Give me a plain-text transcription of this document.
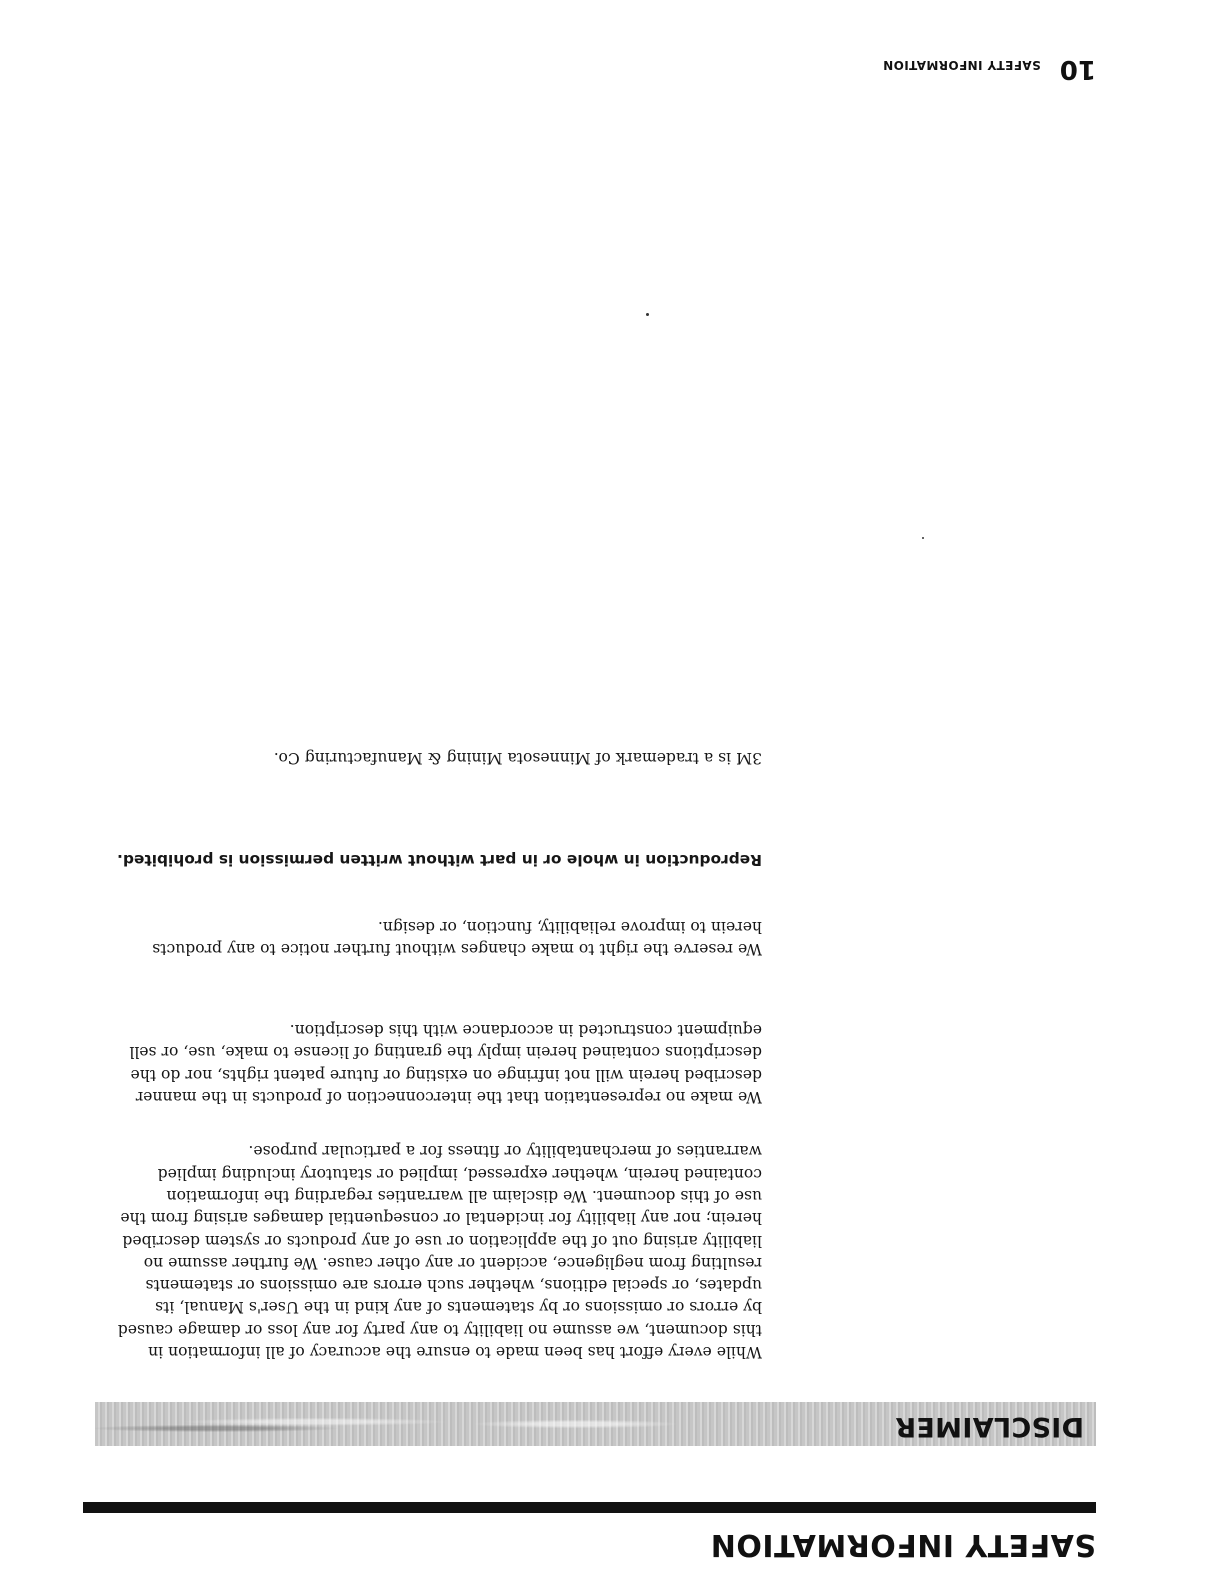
SAFETY INFORMATION
DISCLAIMER

While every effort has been made to ensure the accuracy of all information in this document, we assume no liability to any party for any loss or damage caused by errors or omissions or by statements of any kind in the User's Manual, its updates, or special editions, whether such errors are omissions or statements resulting from negligence, accident or any other cause. We further assume no liability arising out of the application or use of any products or system described herein; nor any liability for incidental or consequential damages arising from the use of this document. We disclaim all warranties regarding the information contained herein, whether expressed, implied or statutory including implied warranties of merchantability or fitness for a particular purpose.

We make no representation that the interconnection of products in the manner described herein will not infringe on existing or future patent rights, nor do the descriptions contained herein imply the granting of license to make, use, or sell equipment constructed in accordance with this description.

We reserve the right to make changes without further notice to any products herein to improve reliability, function, or design.

Reproduction in whole or in part without written permission is prohibited.

3M is a trademark of Minnesota Mining & Manufacturing Co.

10 SAFETY INFORMATION
